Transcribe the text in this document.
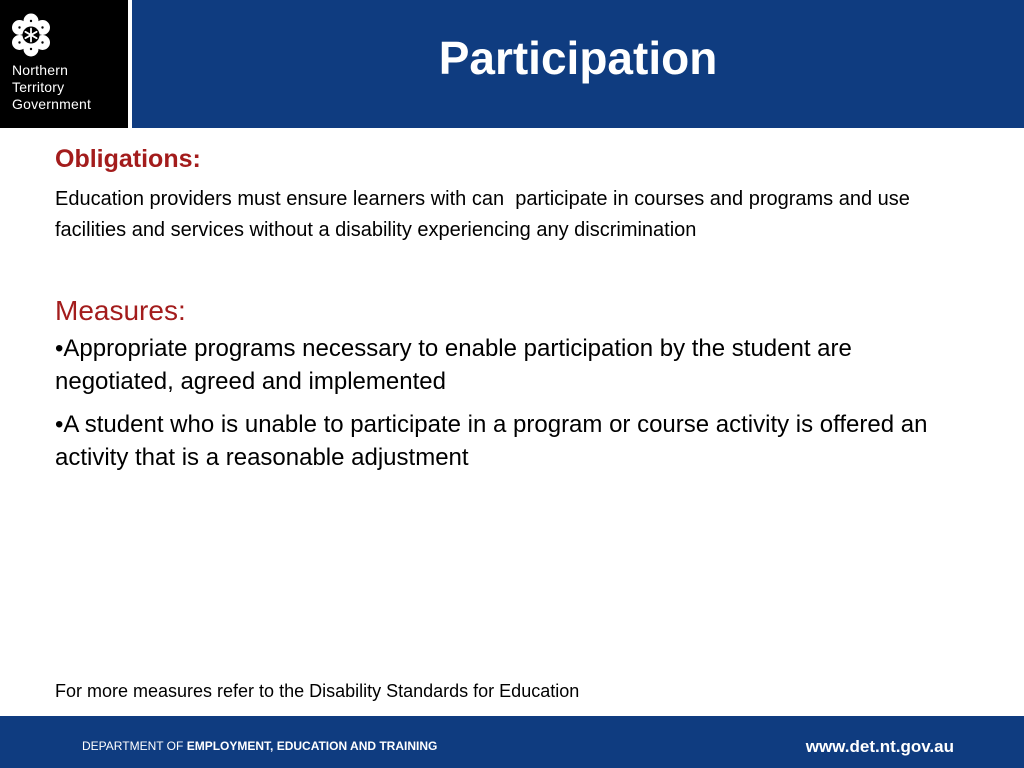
Northern
Territory
Government
Participation
Obligations:

Education providers must ensure learners with can  participate in courses and programs and use facilities and services without a disability experiencing any discrimination

Measures:

•Appropriate programs necessary to enable participation by the student are negotiated, agreed and implemented

•A student who is unable to participate in a program or course activity is offered an activity that is a reasonable adjustment

For more measures refer to the Disability Standards for Education

DEPARTMENT OF EMPLOYMENT, EDUCATION AND TRAINING	www.det.nt.gov.au
